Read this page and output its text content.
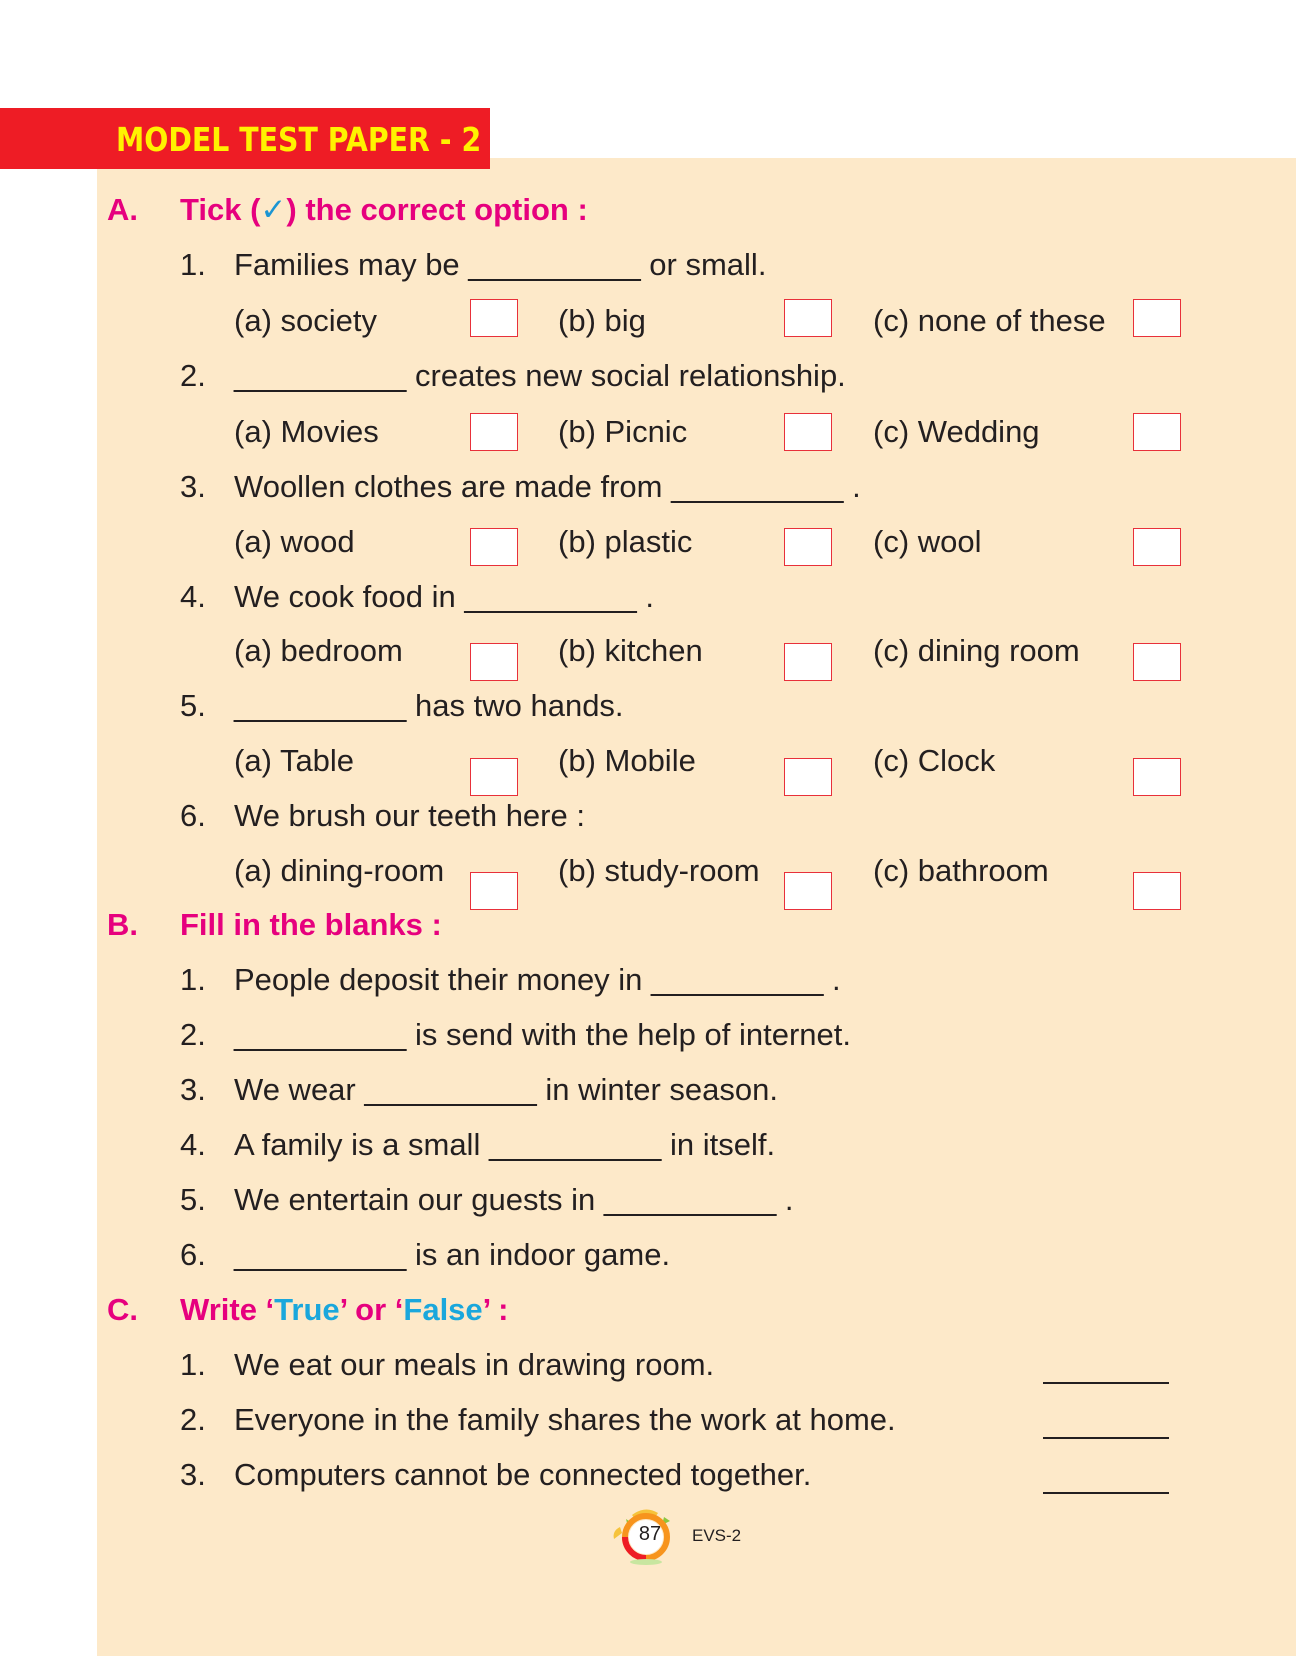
MODEL TEST PAPER - 2
A. Tick (✓) the correct option :
1. Families may be __________ or small.
(a) society	(b) big	(c) none of these
2. __________ creates new social relationship.
(a) Movies	(b) Picnic	(c) Wedding
3. Woollen clothes are made from __________ .
(a) wood	(b) plastic	(c) wool
4. We cook food in __________ .
(a) bedroom	(b) kitchen	(c) dining room
5. __________ has two hands.
(a) Table	(b) Mobile	(c) Clock
6. We brush our teeth here :
(a) dining-room	(b) study-room	(c) bathroom
B. Fill in the blanks :
1. People deposit their money in __________ .
2. __________ is send with the help of internet.
3. We wear __________ in winter season.
4. A family is a small __________ in itself.
5. We entertain our guests in __________ .
6. __________ is an indoor game.
C. Write ‘True’ or ‘False’ :
1. We eat our meals in drawing room.
2. Everyone in the family shares the work at home.
3. Computers cannot be connected together.
87	EVS-2
